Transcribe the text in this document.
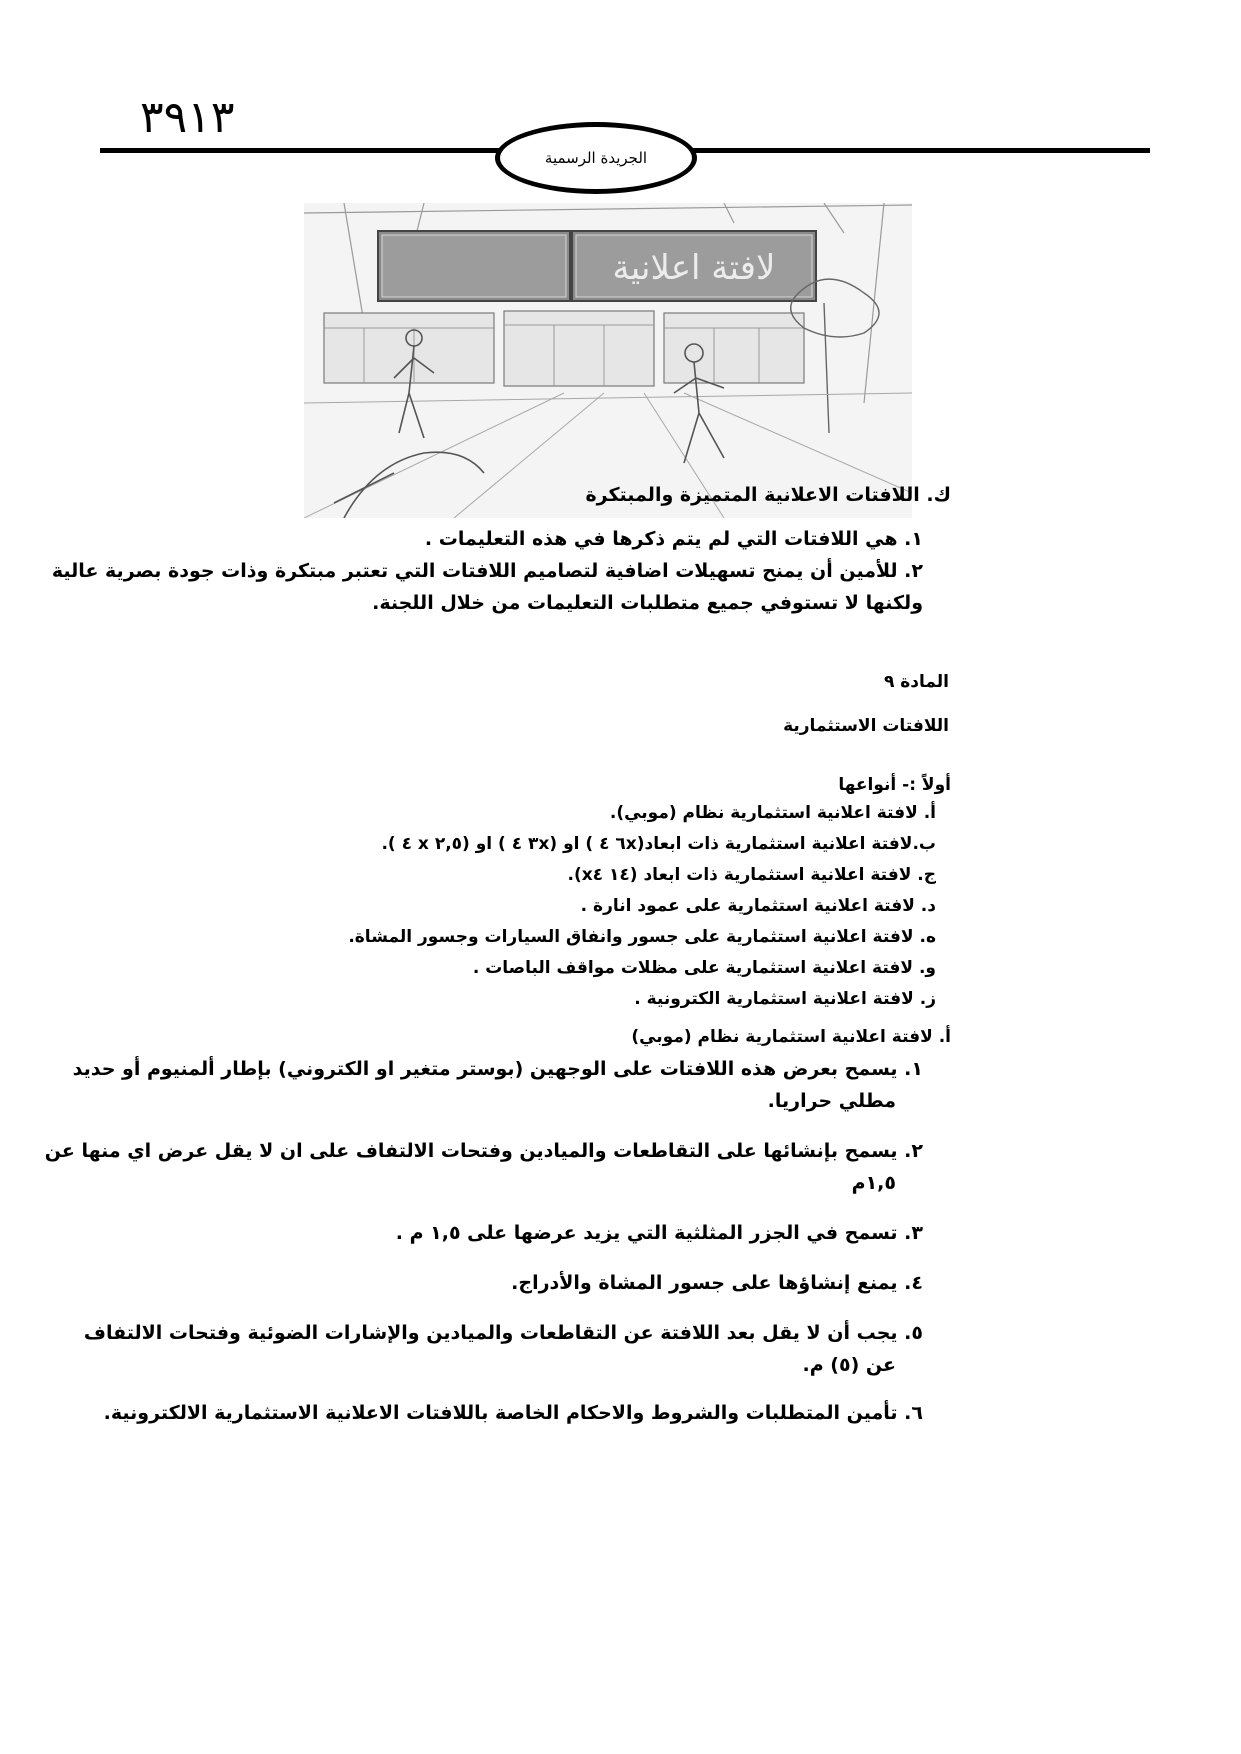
٣٩١٣
الجريدة الرسمية
لافتة اعلانية
ك. اللافتات الاعلانية المتميزة والمبتكرة
١. هي اللافتات التي لم يتم ذكرها في هذه التعليمات .
٢. للأمين أن يمنح تسهيلات اضافية لتصاميم اللافتات التي تعتبر مبتكرة وذات جودة بصرية عالية
ولكنها لا تستوفي جميع متطلبات التعليمات من خلال اللجنة.
المادة ٩
اللافتات الاستثمارية
أولاً :- أنواعها
أ. لافتة اعلانية استثمارية نظام (موبي).
ب.لافتة اعلانية استثمارية ذات ابعاد(٦x ٤ ) او (٣x ٤ ) او (٢,٥ x ٤ ).
ج. لافتة اعلانية استثمارية ذات ابعاد (١٤ x٤).
د. لافتة اعلانية استثمارية على عمود انارة .
ه. لافتة اعلانية استثمارية على جسور وانفاق السيارات وجسور المشاة.
و. لافتة اعلانية استثمارية على مظلات مواقف الباصات .
ز. لافتة اعلانية استثمارية الكترونية .
أ. لافتة اعلانية استثمارية نظام (موبي)
١. يسمح بعرض هذه اللافتات على الوجهين (بوستر متغير او الكتروني) بإطار ألمنيوم أو حديد
مطلي حراريا.
٢. يسمح بإنشائها على التقاطعات والميادين وفتحات الالتفاف على ان لا يقل عرض اي منها عن
١,٥م
٣. تسمح في الجزر المثلثية التي يزيد عرضها على ١,٥ م .
٤. يمنع إنشاؤها على جسور المشاة والأدراج.
٥. يجب أن لا يقل بعد اللافتة عن التقاطعات والميادين والإشارات الضوئية وفتحات الالتفاف
عن (٥) م.
٦. تأمين المتطلبات والشروط والاحكام الخاصة باللافتات الاعلانية الاستثمارية الالكترونية.
